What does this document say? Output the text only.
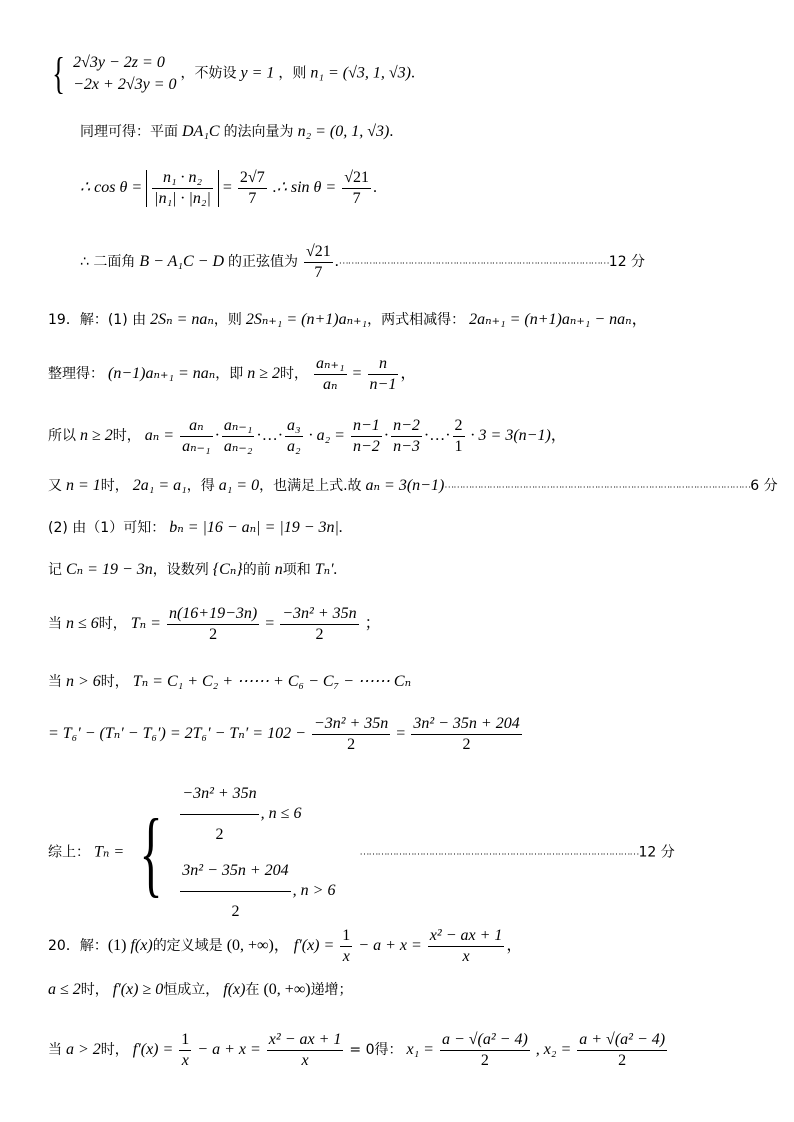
{ 2√3y − 2z = 0
−2x + 2√3y = 0 ，不妨设 y = 1 ，则 n₁ = (√3, 1, √3).
同理可得：平面 DA₁C 的法向量为 n₂ = (0, 1, √3).
∴ $\cos \theta = \frac{\text{n₁ · n₂}}{\text{|n₁| · |n₂|}} = \frac{2√7}{7}$ .∴ $\sin \theta = \frac{√21}{7}$ .
∴ 二面角 B − A₁C − D 的正弦值为 $\frac{√21}{7}$ .⋯⋯⋯⋯⋯⋯⋯⋯⋯⋯⋯⋯⋯⋯⋯⋯⋯⋯⋯⋯⋯⋯⋯⋯⋯⋯⋯⋯⋯⋯12 分
19．解：(1) 由 2Sₙ = naₙ，则 2Sₙ₊₁ = (n+1)aₙ₊₁，两式相减得： 2aₙ₊₁ = (n+1)aₙ₊₁ − naₙ，
整理得： (n−1)aₙ₊₁ = naₙ，即 n ≥ 2时， $\frac{\text{aₙ₊₁}}{\text{aₙ}} = \frac{n}{n-1}$ ，
所以 n ≥ 2时， $a_n = \frac{\text{aₙ}}{\text{aₙ₋₁}} \cdot \frac{\text{aₙ₋₁}}{\text{aₙ₋₂}}$ ·…· $\frac{\text{a₃}}{\text{a₂}} \cdot a_2 = \frac{n-1}{n-2} \cdot \frac{n-2}{n-3}$ ·…· $\frac{2}{1} \cdot 3 = 3(n-1)$，
又 n = 1时， 2a₁ = a₁，得 a₁ = 0，也满足上式.故 aₙ = 3(n−1)⋯⋯⋯⋯⋯⋯⋯⋯⋯⋯⋯⋯⋯⋯⋯⋯⋯⋯⋯⋯⋯⋯⋯⋯⋯⋯⋯⋯⋯⋯⋯⋯⋯⋯6 分
(2) 由（1）可知： bₙ = |16 − aₙ| = |19 − 3n|.
记 Cₙ = 19 − 3n，设数列 {Cₙ}的前 n项和 Tₙ′.
当 n ≤ 6时， $T_n = \frac{n(16+19-3n)}{2} = \frac{\text{−3n² + 35n}}{2}$ ；
当 n > 6时， Tₙ = C₁ + C₂ + ⋯⋯ + C₆ − C₇ − ⋯⋯ Cₙ
= $T_6' - (T_n' - T_6') = 2T_6' - T_n' = 102 - \frac{\text{−3n² + 35n}}{2} = \frac{\text{3n² − 35n + 204}}{2}$
综上： Tₙ = { $\frac{\text{−3n² + 35n}}{2}$ , n ≤ 6

$\frac{\text{3n² − 35n + 204}}{2}$ , n > 6 ⋯⋯⋯⋯⋯⋯⋯⋯⋯⋯⋯⋯⋯⋯⋯⋯⋯⋯⋯⋯⋯⋯⋯⋯⋯⋯⋯⋯⋯⋯⋯12 分
20．解：(1) f(x)的定义域是 (0, +∞)， $f'(x) = \frac{1}{x} - a + x = \frac{\text{x² − ax + 1}}{x}$ ，
a ≤ 2时， f′(x) ≥ 0恒成立， f(x)在 (0, +∞)递增；
当 a > 2时， $f'(x) = \frac{1}{x} - a + x = \frac{\text{x² − ax + 1}}{x} = 0$得： $x_1 = \frac{\text{a − √(a² − 4)}}{2}$ , $x_2 = \frac{\text{a + √(a² − 4)}}{2}$
